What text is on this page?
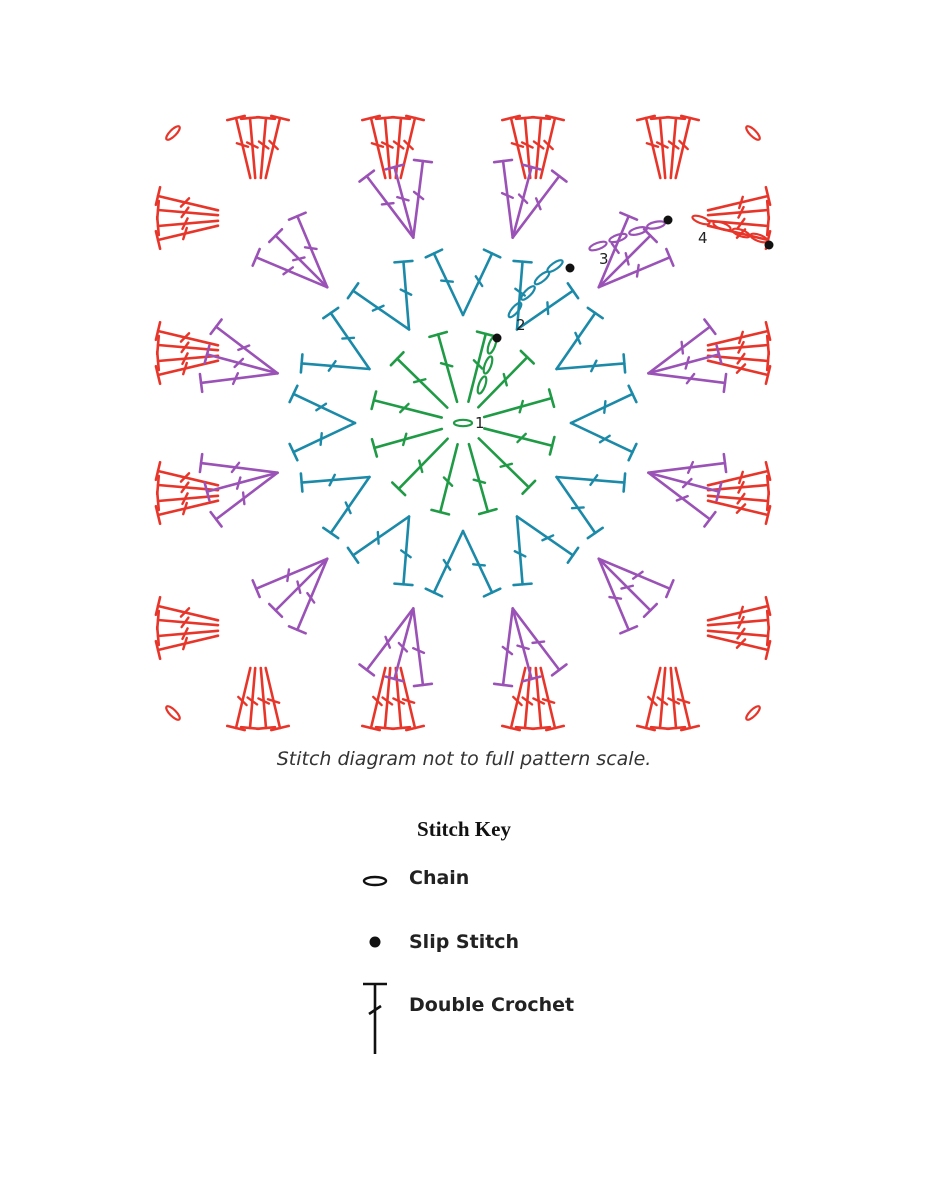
1
2
3
4
Stitch diagram not to full pattern scale.
Stitch Key
Chain
Slip Stitch
Double Crochet
